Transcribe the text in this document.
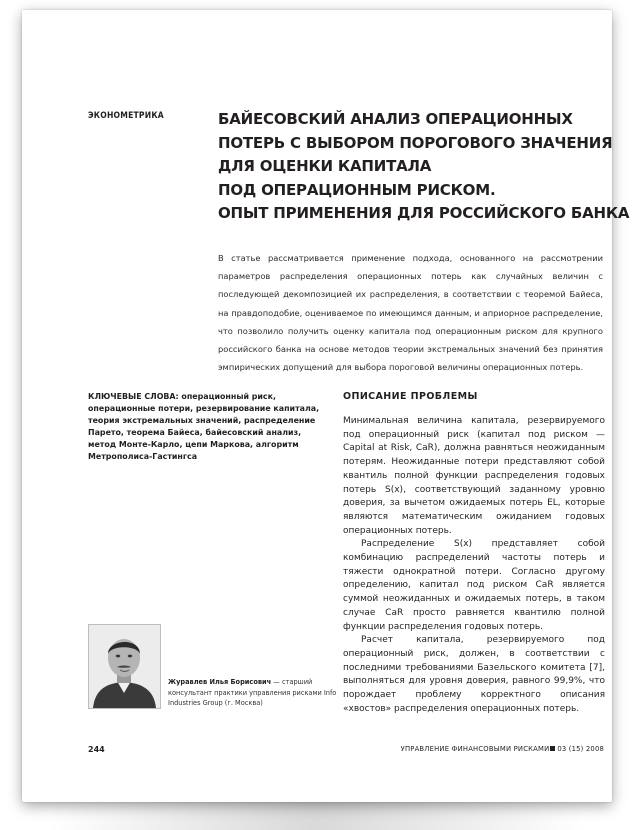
ЭКОНОМЕТРИКА	БАЙЕСОВСКИЙ АНАЛИЗ ОПЕРАЦИОННЫХ
ПОТЕРЬ С ВЫБОРОМ ПОРОГОВОГО ЗНАЧЕНИЯ
ДЛЯ ОЦЕНКИ КАПИТАЛА
ПОД ОПЕРАЦИОННЫМ РИСКОМ.
ОПЫТ ПРИМЕНЕНИЯ ДЛЯ РОССИЙСКОГО БАНКА
В статье рассматривается применение подхода, основанного на рассмотрении параметров распределения операционных потерь как случайных величин с последующей декомпозицией их распределения, в соответствии с теоремой Байеса, на правдоподобие, оцениваемое по имеющимся данным, и априорное распределение, что позволило получить оценку капитала под операционным риском для крупного российского банка на основе методов теории экстремальных значений без принятия эмпирических допущений для выбора пороговой величины операционных потерь.
КЛЮЧЕВЫЕ СЛОВА: операционный риск, операционные потери, резервирование капитала, теория экстремальных значений, распределение Парето, теорема Байеса, байесовский анализ, метод Монте-Карло, цепи Маркова, алгоритм Метрополиса-Гастингса
ОПИСАНИЕ ПРОБЛЕМЫ

Минимальная величина капитала, резервируемого под операционный риск (капитал под риском — Capital at Risk, CaR), должна равняться неожиданным потерям. Неожиданные потери представляют собой квантиль полной функции распределения годовых потерь S(x), соответствующий заданному уровню доверия, за вычетом ожидаемых потерь EL, которые являются математическим ожиданием годовых операционных потерь.

Распределение S(x) представляет собой комбинацию распределений частоты потерь и тяжести однократной потери. Согласно другому определению, капитал под риском CaR является суммой неожиданных и ожидаемых потерь, в таком случае CaR просто равняется квантилю полной функции распределения годовых потерь.

Расчет капитала, резервируемого под операционный риск, должен, в соответствии с последними требованиями Базельского комитета [7], выполняться для уровня доверия, равного 99,9%, что порождает проблему корректного описания «хвостов» распределения операционных потерь.

Журавлев Илья Борисович — старший консультант практики управления рисками Info Industries Group (г. Москва)
244	УПРАВЛЕНИЕ ФИНАНСОВЫМИ РИСКАМИ 03 (15) 2008
